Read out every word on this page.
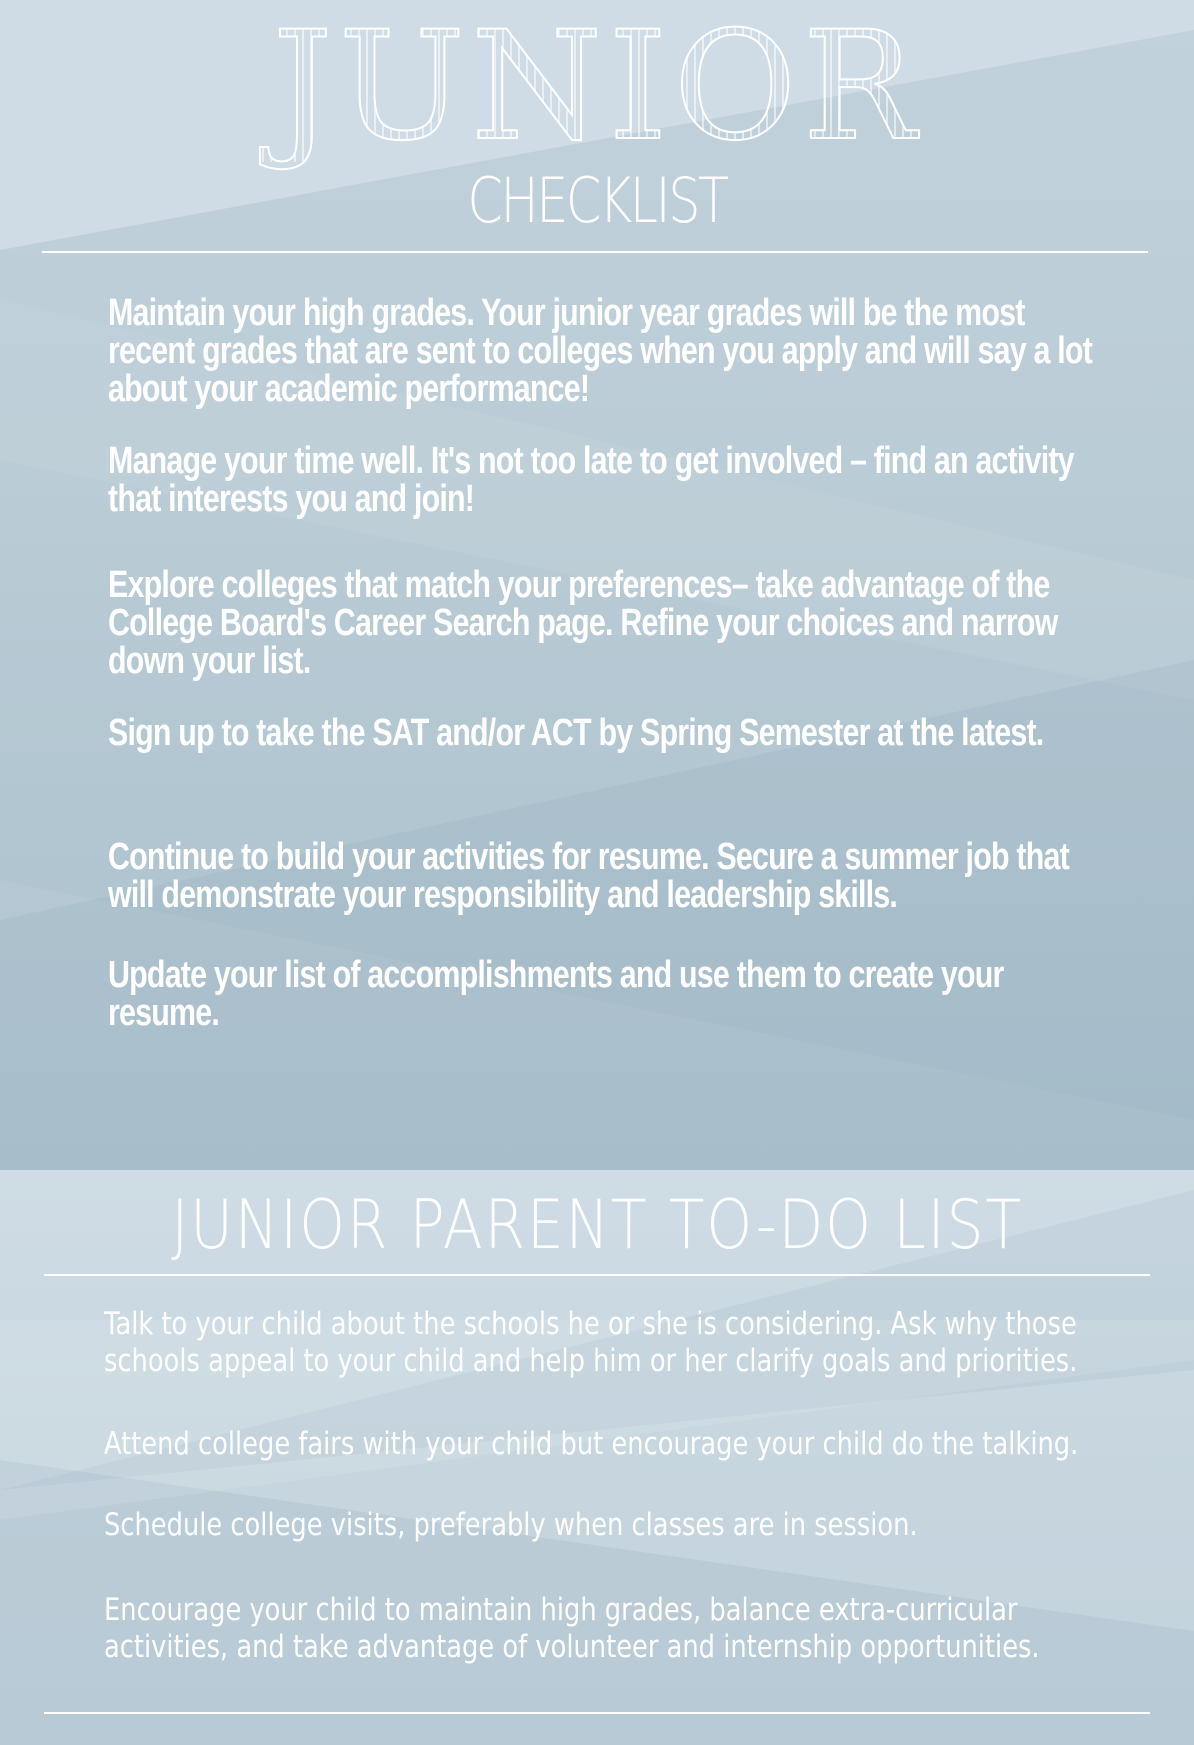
JUNIOR
CHECKLIST
Maintain your high grades. Your junior year grades will be the most recent grades that are sent to colleges when you apply and will say a lot about your academic performance!
Manage your time well. It's not too late to get involved – find an activity that interests you and join!
Explore colleges that match your preferences– take advantage of the College Board's Career Search page. Refine your choices and narrow down your list.
Sign up to take the SAT and/or ACT by Spring Semester at the latest.
Continue to build your activities for resume. Secure a summer job that will demonstrate your responsibility and leadership skills.
Update your list of accomplishments and use them to create your resume.
JUNIOR PARENT TO-DO LIST
Talk to your child about the schools he or she is considering. Ask why those schools appeal to your child and help him or her clarify goals and priorities.
Attend college fairs with your child but encourage your child do the talking.
Schedule college visits, preferably when classes are in session.
Encourage your child to maintain high grades, balance extra-curricular activities, and take advantage of volunteer and internship opportunities.
